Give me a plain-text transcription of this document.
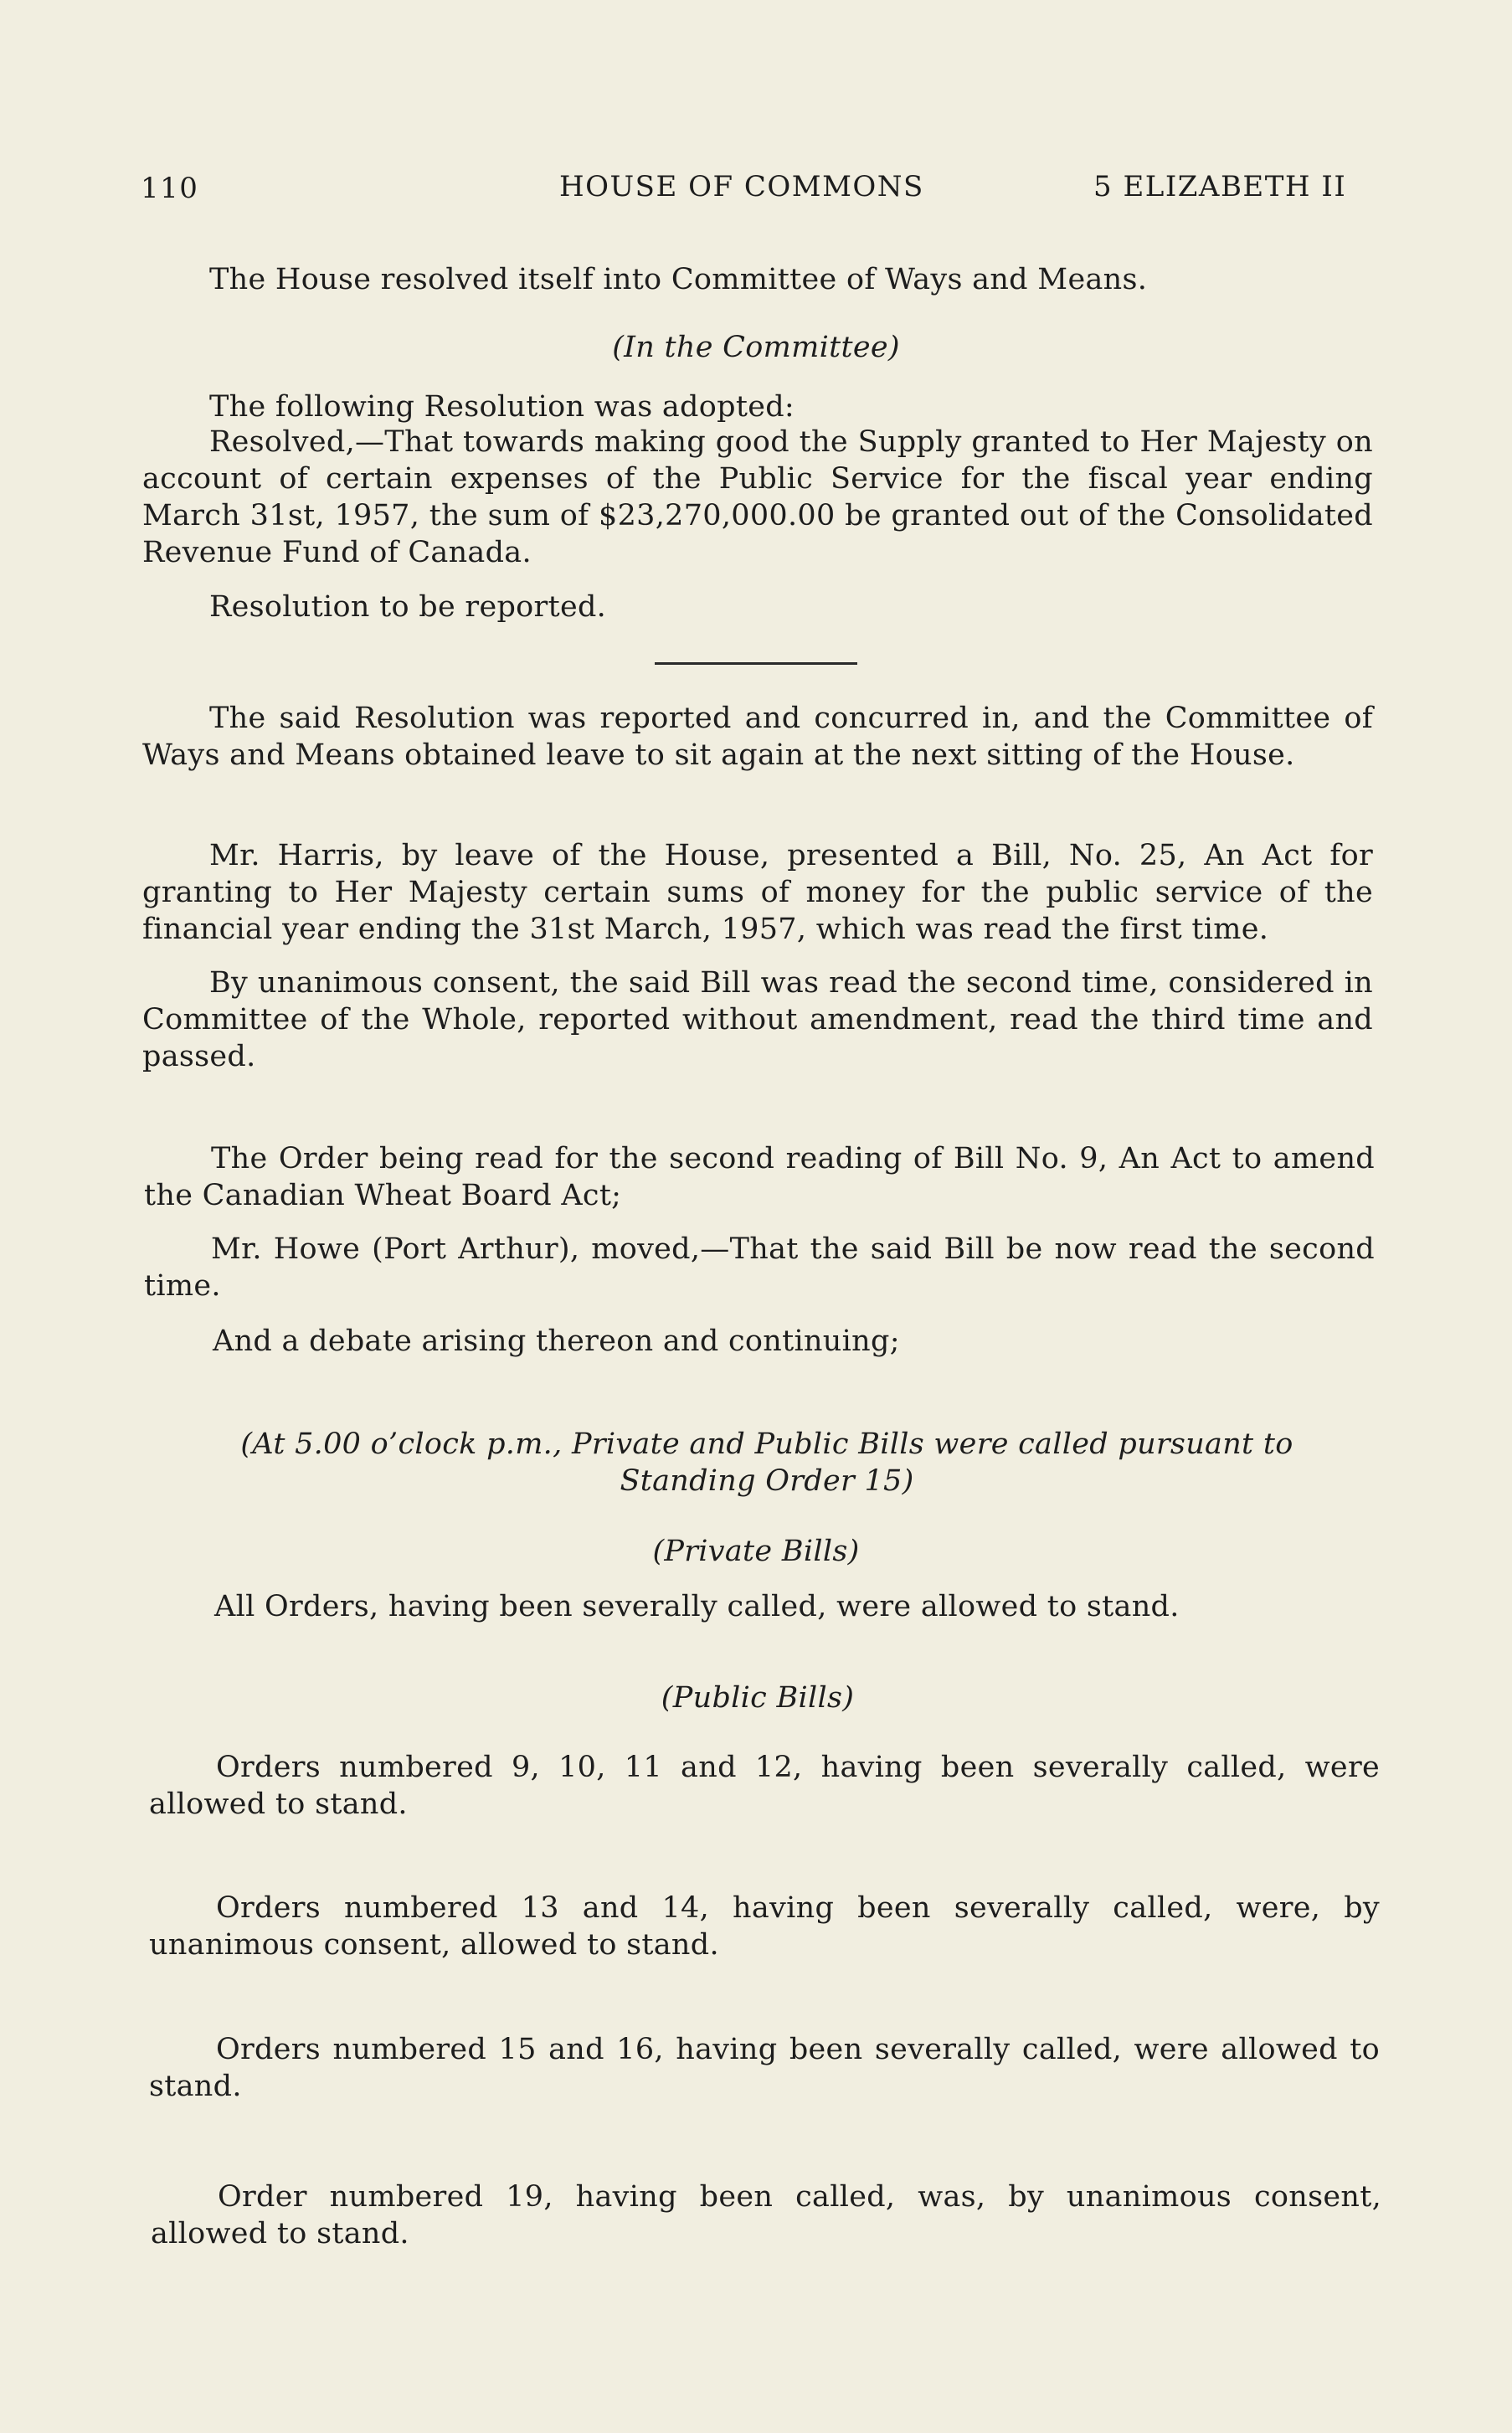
110	HOUSE OF COMMONS	5 ELIZABETH II

The House resolved itself into Committee of Ways and Means.

(In the Committee)

The following Resolution was adopted:

Resolved,—That towards making good the Supply granted to Her Majesty on account of certain expenses of the Public Service for the fiscal year ending March 31st, 1957, the sum of $23,270,000.00 be granted out of the Consolidated Revenue Fund of Canada.

Resolution to be reported.

The said Resolution was reported and concurred in, and the Committee of Ways and Means obtained leave to sit again at the next sitting of the House.

Mr. Harris, by leave of the House, presented a Bill, No. 25, An Act for granting to Her Majesty certain sums of money for the public service of the financial year ending the 31st March, 1957, which was read the first time.

By unanimous consent, the said Bill was read the second time, considered in Committee of the Whole, reported without amendment, read the third time and passed.

The Order being read for the second reading of Bill No. 9, An Act to amend the Canadian Wheat Board Act;

Mr. Howe (Port Arthur), moved,—That the said Bill be now read the second time.

And a debate arising thereon and continuing;

(At 5.00 o’clock p.m., Private and Public Bills were called pursuant to Standing Order 15)

(Private Bills)

All Orders, having been severally called, were allowed to stand.

(Public Bills)

Orders numbered 9, 10, 11 and 12, having been severally called, were allowed to stand.

Orders numbered 13 and 14, having been severally called, were, by unanimous consent, allowed to stand.

Orders numbered 15 and 16, having been severally called, were allowed to stand.

Order numbered 19, having been called, was, by unanimous consent, allowed to stand.
